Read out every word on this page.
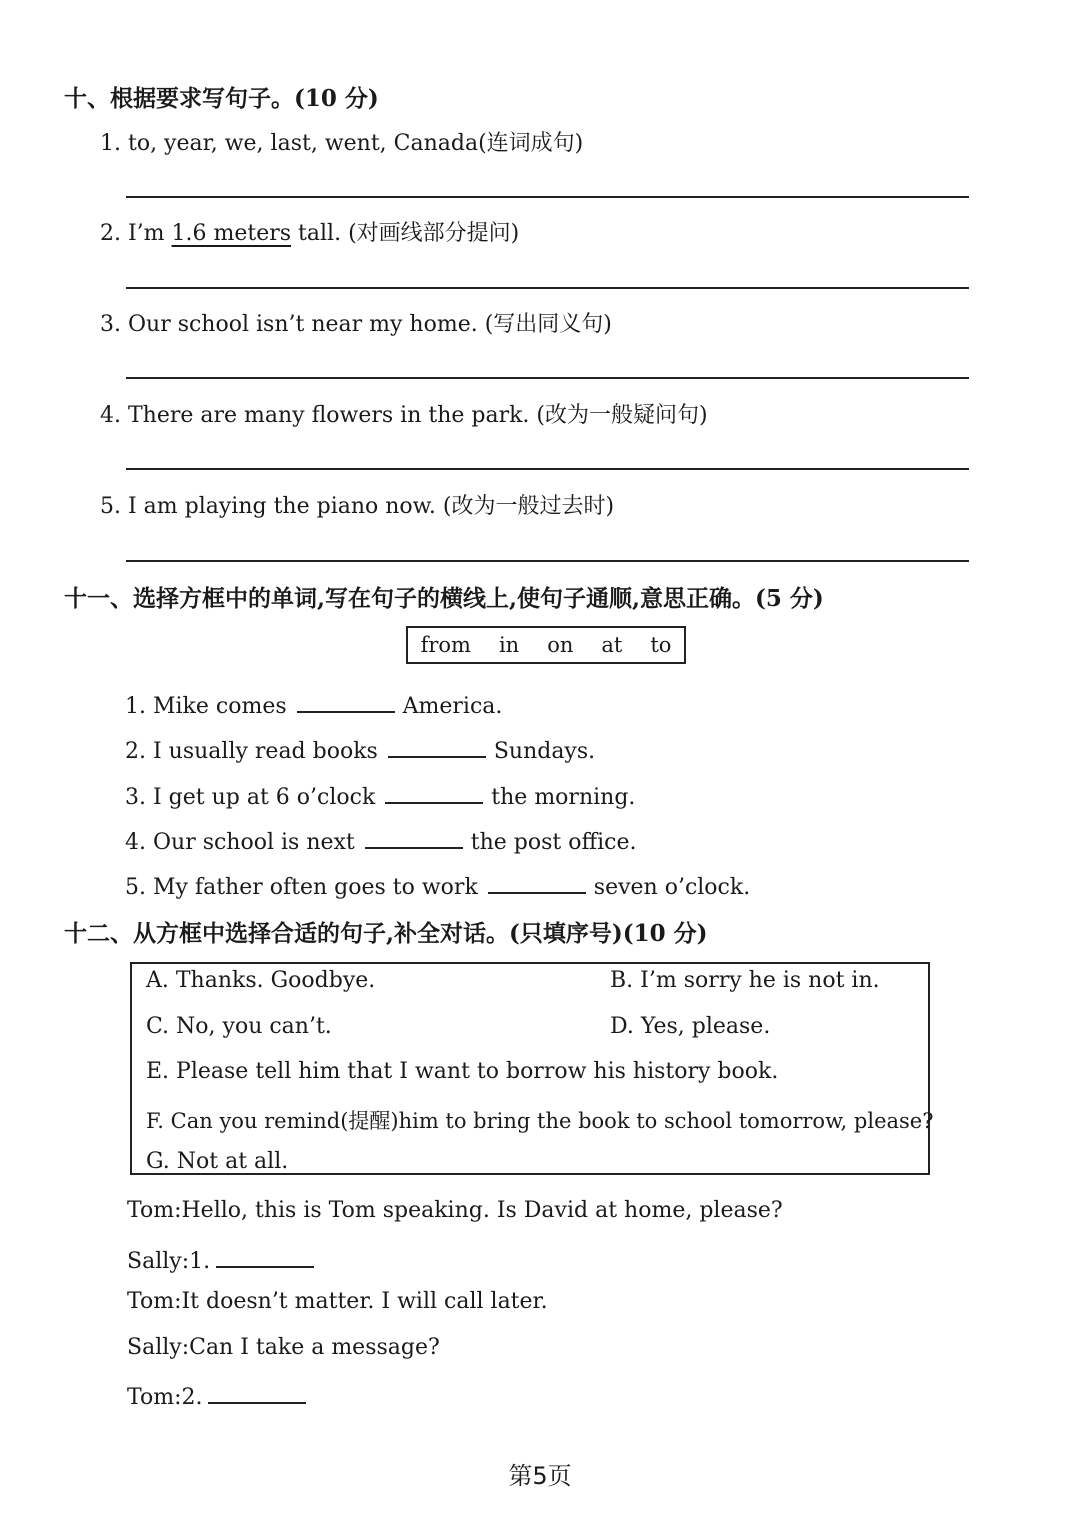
十、根据要求写句子。(10 分)
1. to, year, we, last, went, Canada(连词成句)
2. I’m 1.6 meters tall. (对画线部分提问)
3. Our school isn’t near my home. (写出同义句)
4. There are many flowers in the park. (改为一般疑问句)
5. I am playing the piano now. (改为一般过去时)
十一、选择方框中的单词,写在句子的横线上,使句子通顺,意思正确。(5 分)
from in on at to
1. Mike comes	America.
2. I usually read books	Sundays.
3. I get up at 6 o’clock	the morning.
4. Our school is next	the post office.
5. My father often goes to work	seven o’clock.
十二、从方框中选择合适的句子,补全对话。(只填序号)(10 分)
A. Thanks. Goodbye.	B. I’m sorry he is not in.
C. No, you can’t.	D. Yes, please.
E. Please tell him that I want to borrow his history book.
F. Can you remind(提醒)him to bring the book to school tomorrow, please?
G. Not at all.
Tom:Hello, this is Tom speaking. Is David at home, please?
Sally:1.
Tom:It doesn’t matter. I will call later.
Sally:Can I take a message?
Tom:2.
第5页
